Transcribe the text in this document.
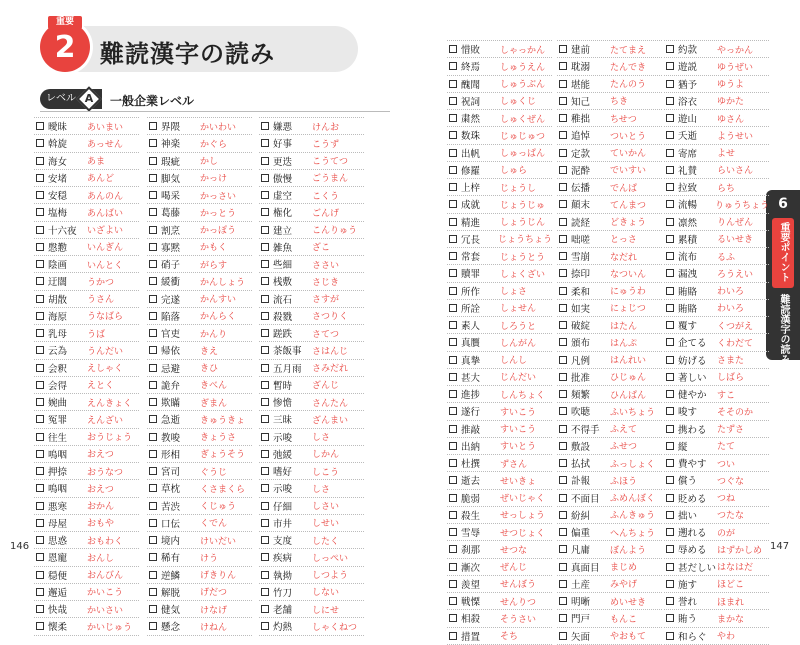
2
重要
難読漢字の読み
レベル A	一般企業レベル
146	147
6
重要ポイント
難読漢字の読み
曖昧	あいまい
斡旋	あっせん
海女	あま
安堵	あんど
安穏	あんのん
塩梅	あんばい
十六夜	いざよい
慇懃	いんぎん
陰画	いんとく
迂闊	うかつ
胡散	うさん
海原	うなばら
乳母	うば
云為	うんだい
会釈	えしゃく
会得	えとく
婉曲	えんきょく
冤罪	えんざい
往生	おうじょう
嗚咽	おえつ
押捺	おうなつ
嗚咽	おえつ
悪寒	おかん
母屋	おもや
思惑	おもわく
恩寵	おんし
穏便	おんびん
邂逅	かいこう
快哉	かいさい
懐柔	かいじゅう
界隈	かいわい
神楽	かぐら
瑕疵	かし
脚気	かっけ
喝采	かっさい
葛藤	かっとう
割烹	かっぽう
寡黙	かもく
硝子	がらす
緩衝	かんしょう
完遂	かんすい
陥落	かんらく
官吏	かんり
帰依	きえ
忌避	きひ
詭弁	きべん
欺瞞	ぎまん
急逝	きゅうきょ
教唆	きょうさ
形相	ぎょうそう
宮司	ぐうじ
草枕	くさまくら
苦渋	くじゅう
口伝	くでん
境内	けいだい
稀有	けう
逆鱗	げきりん
解脱	げだつ
健気	けなげ
懸念	けねん
嫌悪	けんお
好事	こうず
更迭	こうてつ
傲慢	ごうまん
虚空	こくう
権化	ごんげ
建立	こんりゅう
雑魚	ざこ
些細	ささい
桟敷	さじき
流石	さすが
殺戮	さつりく
蹉跌	さてつ
茶飯事	さはんじ
五月雨	さみだれ
暫時	ざんじ
惨憺	さんたん
三昧	ざんまい
示唆	しさ
弛緩	しかん
嗜好	しこう
示唆	しさ
仔細	しさい
市井	しせい
支度	したく
疾病	しっぺい
執拗	しつよう
竹刀	しない
老舗	しにせ
灼熱	しゃくねつ
惜敗	しゃっかん
終焉	しゅうえん
醜聞	しゅうぶん
祝詞	しゅくじ
粛然	しゅくぜん
数珠	じゅじゅつ
出帆	しゅっぱん
修羅	しゅら
上梓	じょうし
成就	じょうじゅ
精進	しょうじん
冗長	じょうちょう
常套	じょうとう
贖罪	しょくざい
所作	しょさ
所詮	しょせん
素人	しろうと
真贋	しんがん
真摯	しんし
甚大	じんだい
進捗	しんちょく
遂行	すいこう
推敲	すいこう
出納	すいとう
杜撰	ずさん
逝去	せいきょ
脆弱	ぜいじゃく
殺生	せっしょう
雪辱	せつじょく
刹那	せつな
漸次	ぜんじ
羨望	せんぼう
戦慄	せんりつ
相殺	そうさい
措置	そち
建前	たてまえ
耽溺	たんでき
堪能	たんのう
知己	ちき
稚拙	ちせつ
追悼	ついとう
定款	ていかん
泥酔	でいすい
伝播	でんぱ
顛末	てんまつ
読経	どきょう
咄嗟	とっさ
雪崩	なだれ
捺印	なついん
柔和	にゅうわ
如実	にょじつ
破綻	はたん
頒布	はんぷ
凡例	はんれい
批准	ひじゅん
頻繁	ひんぱん
吹聴	ふいちょう
不得手	ふえて
敷設	ふせつ
払拭	ふっしょく
訃報	ふほう
不面目	ふめんぼく
紛糾	ふんきゅう
偏重	へんちょう
凡庸	ぼんよう
真面目	まじめ
土産	みやげ
明晰	めいせき
門戸	もんこ
矢面	やおもて
約款	やっかん
遊説	ゆうぜい
猶予	ゆうよ
浴衣	ゆかた
遊山	ゆさん
夭逝	ようせい
寄席	よせ
礼賛	らいさん
拉致	らち
流暢	りゅうちょう
凛然	りんぜん
累積	るいせき
流布	るふ
漏洩	ろうえい
賄賂	わいろ
賄賂	わいろ
覆す	くつがえ
企てる	くわだて
妨げる	さまた
著しい	しばら
健やか	すこ
唆す	そそのか
携わる	たずさ
縦	たて
費やす	つい
償う	つぐな
貶める	つね
拙い	つたな
遡れる	のが
辱める	はずかしめ
甚だしい はなはだ
施す	ほどこ
誉れ	ほまれ
賄う	まかな
和らぐ	やわ
